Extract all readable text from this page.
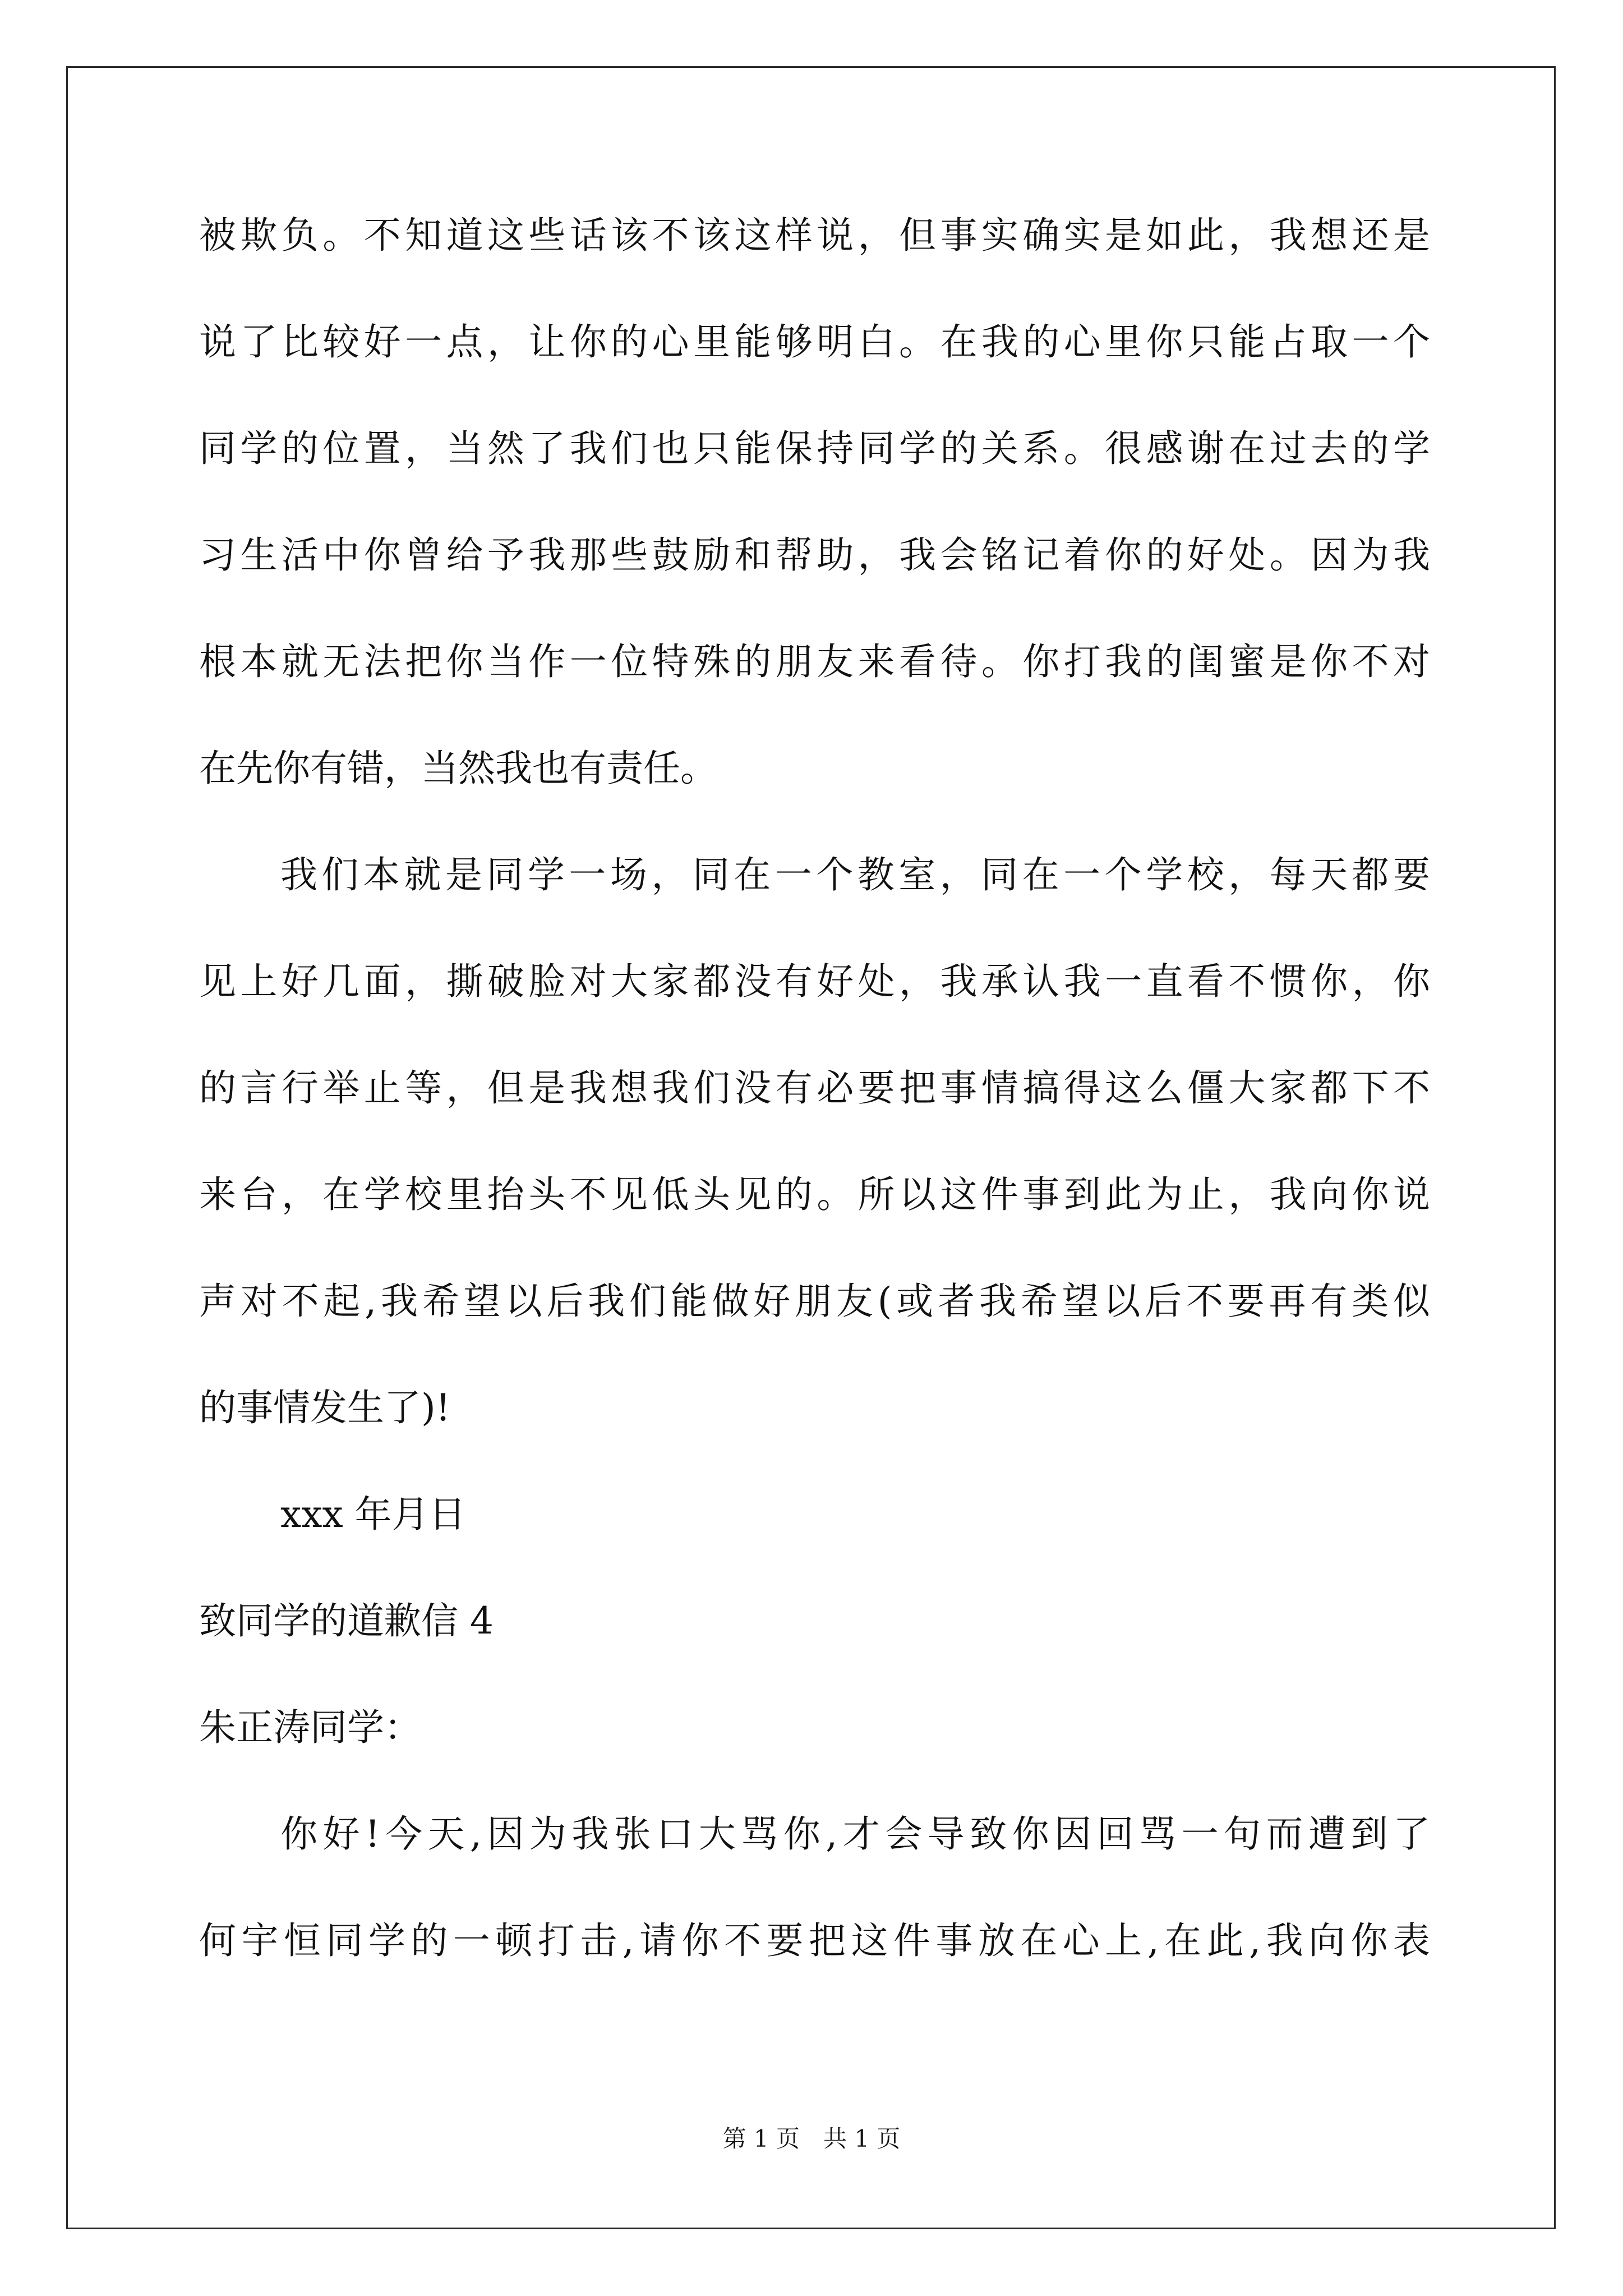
被欺负。不知道这些话该不该这样说，但事实确实是如此，我想还是
说了比较好一点，让你的心里能够明白。在我的心里你只能占取一个
同学的位置，当然了我们也只能保持同学的关系。很感谢在过去的学
习生活中你曾给予我那些鼓励和帮助，我会铭记着你的好处。因为我
根本就无法把你当作一位特殊的朋友来看待。你打我的闺蜜是你不对
在先你有错，当然我也有责任。
我们本就是同学一场，同在一个教室，同在一个学校，每天都要
见上好几面，撕破脸对大家都没有好处，我承认我一直看不惯你，你
的言行举止等，但是我想我们没有必要把事情搞得这么僵大家都下不
来台，在学校里抬头不见低头见的。所以这件事到此为止，我向你说
声对不起,我希望以后我们能做好朋友(或者我希望以后不要再有类似
的事情发生了)!
xxx 年月日
致同学的道歉信 4
朱正涛同学：
你好!今天,因为我张口大骂你,才会导致你因回骂一句而遭到了
何宇恒同学的一顿打击,请你不要把这件事放在心上,在此,我向你表
第 1 页　共 1 页
